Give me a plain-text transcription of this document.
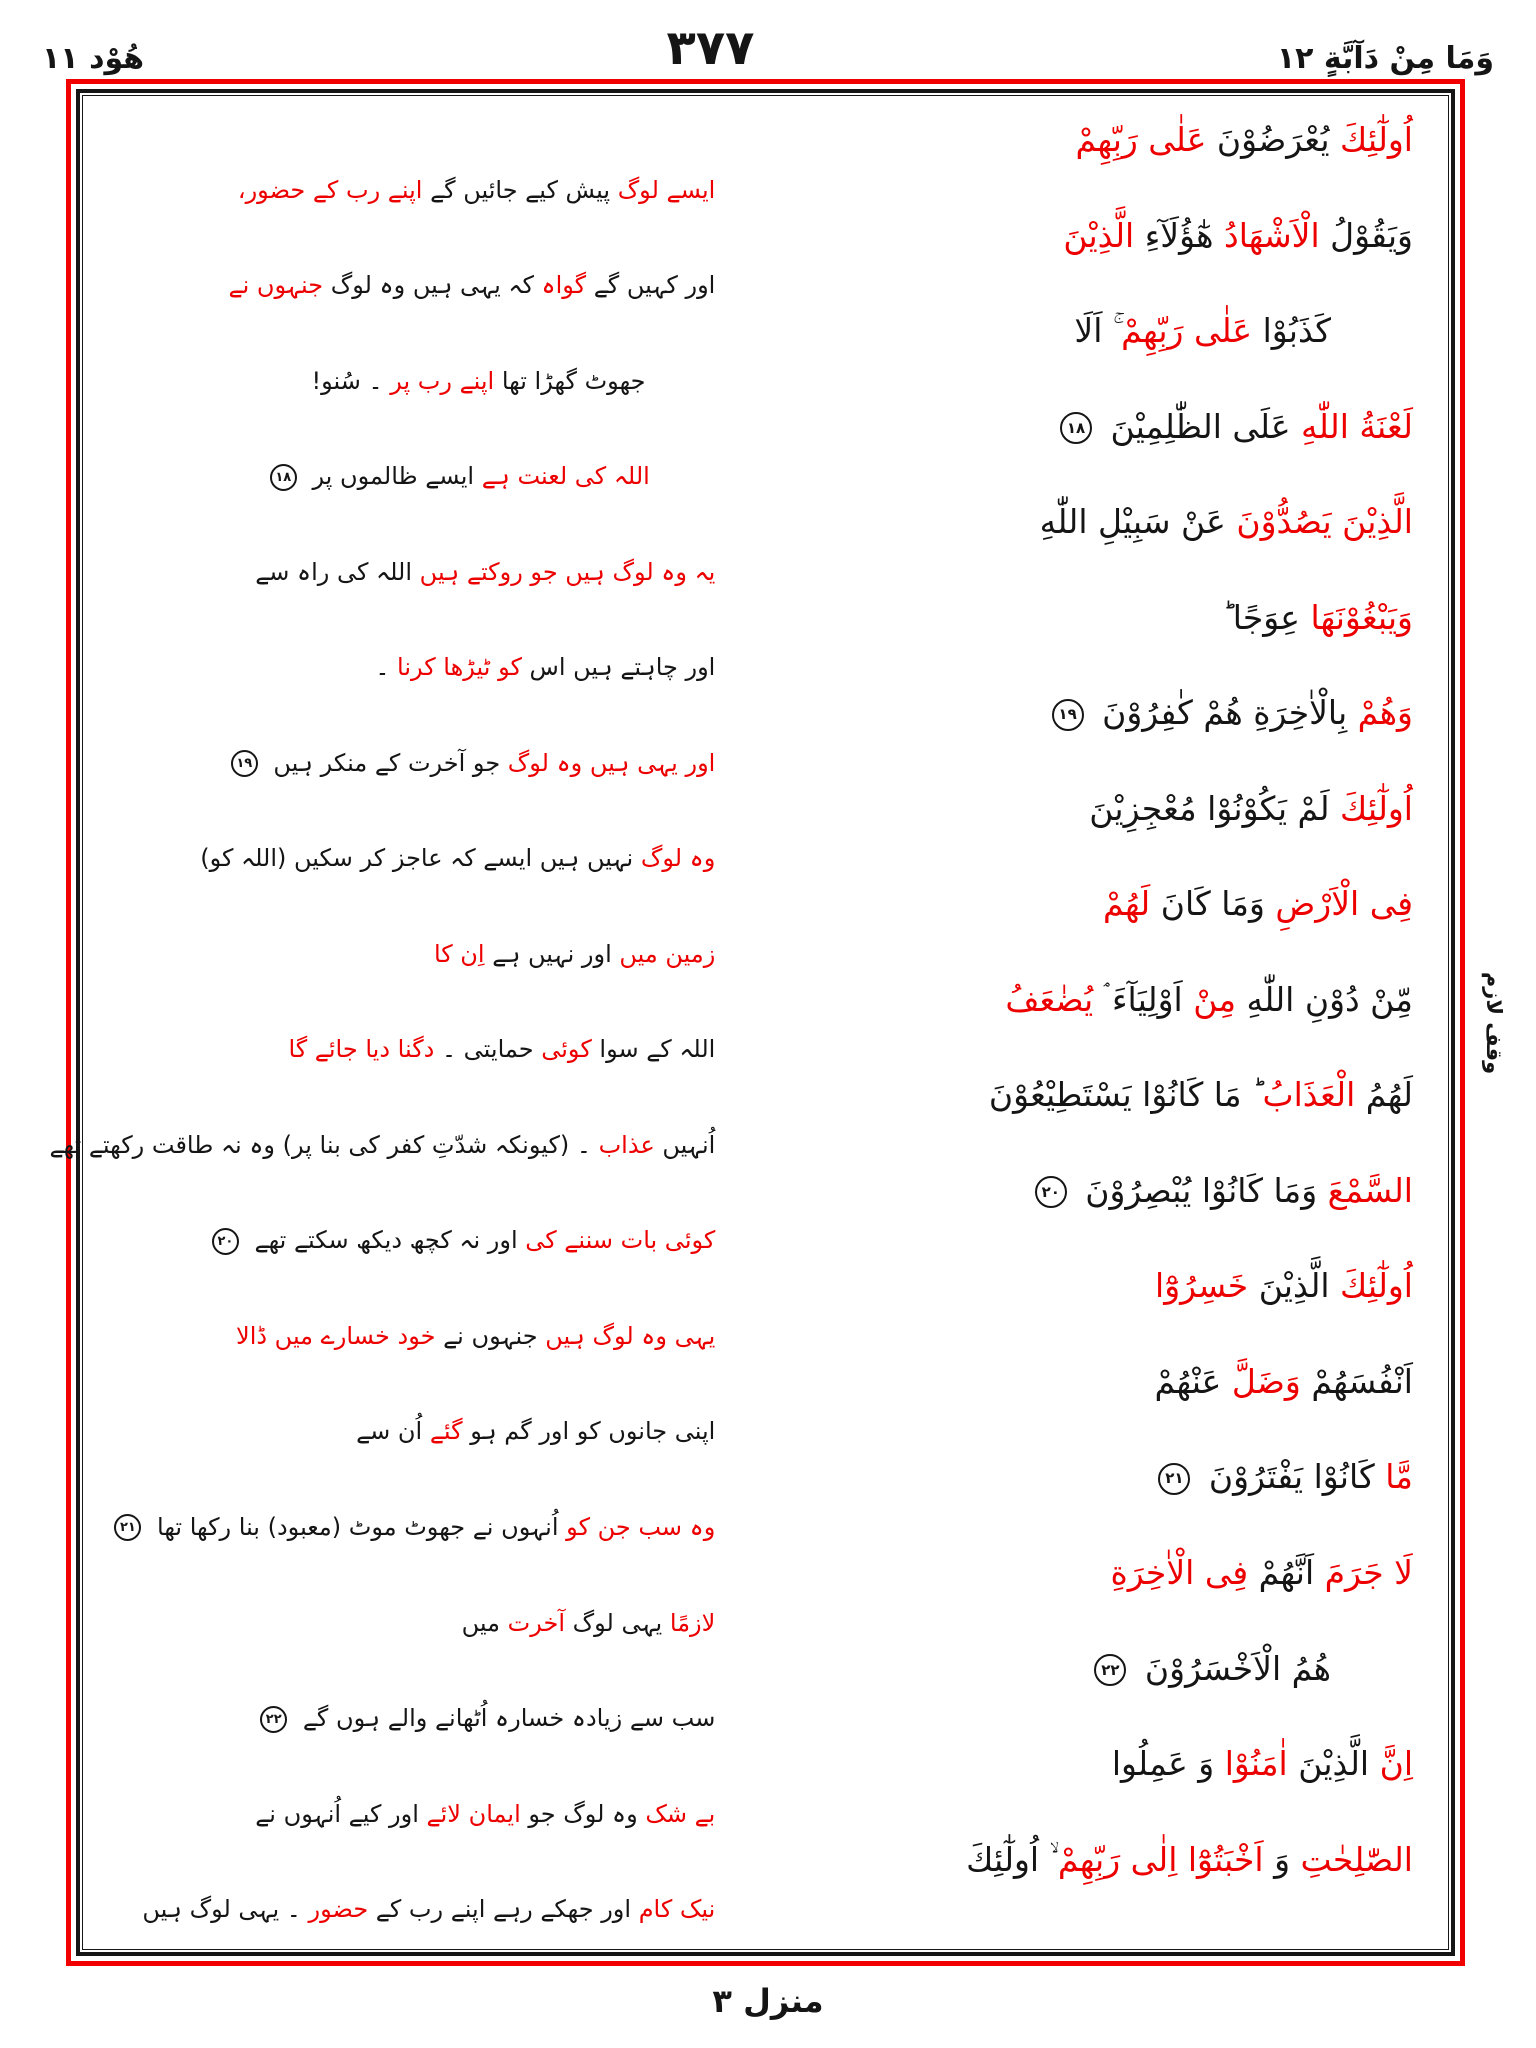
هُوْد ۱۱	۳۷۷	وَمَا مِنْ دَآبَّةٍ ۱۲
ایسے لوگ پیش کیے جائیں گے اپنے رب کے حضور،
اُولٰٓئِكَ يُعْرَضُوْنَ عَلٰى رَبِّهِمْ
اور کہیں گے گواہ کہ یہی ہیں وہ لوگ جنہوں نے
وَيَقُوْلُ الْاَشْهَادُ هٰٓؤُلَآءِ الَّذِيْنَ
جھوٹ گھڑا تھا اپنے رب پر ۔ سُنو!
كَذَبُوْا عَلٰى رَبِّهِمْ اَلَا
اللہ کی لعنت ہے ایسے ظالموں پر ۱۸
لَعْنَةُ اللّٰهِ عَلَى الظّٰلِمِيْنَ ١٨
یہ وہ لوگ ہیں جو روکتے ہیں اللہ کی راہ سے
الَّذِيْنَ يَصُدُّوْنَ عَنْ سَبِيْلِ اللّٰهِ
اور چاہتے ہیں اس کو ٹیڑھا کرنا ۔
وَيَبْغُوْنَهَا عِوَجًا
اور یہی ہیں وہ لوگ جو آخرت کے منکر ہیں ۱۹
وَهُمْ بِالْاٰخِرَةِ هُمْ كٰفِرُوْنَ ١٩
وہ لوگ نہیں ہیں ایسے کہ عاجز کر سکیں (اللہ کو)
اُولٰٓئِكَ لَمْ يَكُوْنُوْا مُعْجِزِيْنَ
زمین میں اور نہیں ہے اِن کا
فِى الْاَرْضِ وَمَا كَانَ لَهُمْ
اللہ کے سوا کوئی حمایتی ۔ دگنا دیا جائے گا
مِّنْ دُوْنِ اللّٰهِ مِنْ اَوْلِيَآءَ يُضٰعَفُ
اُنہیں عذاب ۔ (کیونکہ شدّتِ کفر کی بنا پر) وہ نہ طاقت رکھتے تھے
لَهُمُ الْعَذَابُ مَا كَانُوْا يَسْتَطِيْعُوْنَ
کوئی بات سننے کی اور نہ کچھ دیکھ سکتے تھے ۲۰
السَّمْعَ وَمَا كَانُوْا يُبْصِرُوْنَ ٢٠
یہی وہ لوگ ہیں جنہوں نے خود خسارے میں ڈالا
اُولٰٓئِكَ الَّذِيْنَ خَسِرُوْٓا
اپنی جانوں کو اور گم ہو گئے اُن سے
اَنْفُسَهُمْ وَضَلَّ عَنْهُمْ
وہ سب جن کو اُنہوں نے جھوٹ موٹ (معبود) بنا رکھا تھا ۲۱
مَّا كَانُوْا يَفْتَرُوْنَ ٢١
لازمًا یہی لوگ آخرت میں
لَا جَرَمَ اَنَّهُمْ فِى الْاٰخِرَةِ
سب سے زیادہ خسارہ اُٹھانے والے ہوں گے ۲۲
هُمُ الْاَخْسَرُوْنَ ٢٢
بے شک وہ لوگ جو ایمان لائے اور کیے اُنہوں نے
اِنَّ الَّذِيْنَ اٰمَنُوْا وَ عَمِلُوا
نیک کام اور جھکے رہے اپنے رب کے حضور ۔ یہی لوگ ہیں
الصّٰلِحٰتِ وَ اَخْبَتُوْٓا اِلٰى رَبِّهِمْ اُولٰٓئِكَ
وقف لازم
منزل ۳
